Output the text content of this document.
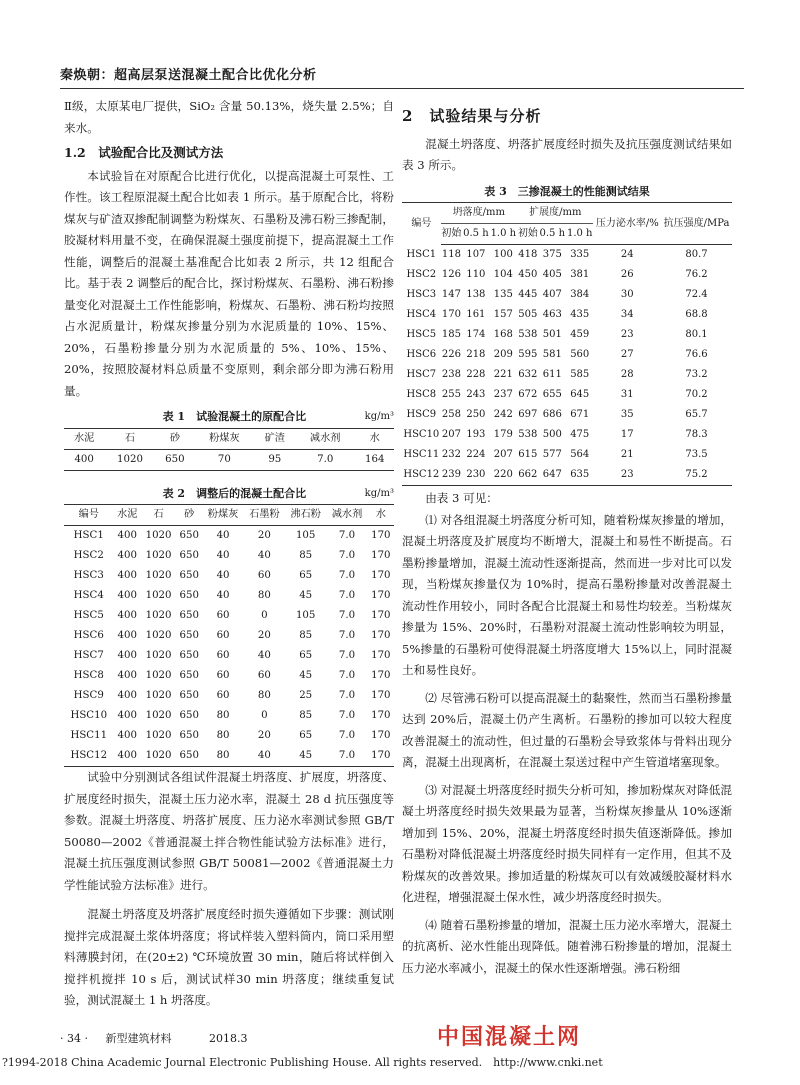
秦焕朝：超高层泵送混凝土配合比优化分析

Ⅱ级，太原某电厂提供，SiO₂ 含量 50.13%，烧失量 2.5%；自来水。

1.2　试验配合比及测试方法

本试验旨在对原配合比进行优化，以提高混凝土可泵性、工作性。该工程原混凝土配合比如表 1 所示。基于原配合比，将粉煤灰与矿渣双掺配制调整为粉煤灰、石墨粉及沸石粉三掺配制，胶凝材料用量不变，在确保混凝土强度前提下，提高混凝土工作性能，调整后的混凝土基准配合比如表 2 所示，共 12 组配合比。基于表 2 调整后的配合比，探讨粉煤灰、石墨粉、沸石粉掺量变化对混凝土工作性能影响，粉煤灰、石墨粉、沸石粉均按照占水泥质量计，粉煤灰掺量分别为水泥质量的 10%、15%、20%，石墨粉掺量分别为水泥质量的 5%、10%、15%、20%，按照胶凝材料总质量不变原则，剩余部分即为沸石粉用量。

表 1　试验混凝土的原配合比	kg/m³
水泥	石	砂	粉煤灰	矿渣	减水剂	水
400	1020	650	70	95	7.0	164
表 2　调整后的混凝土配合比	kg/m³
编号	水泥	石	砂	粉煤灰	石墨粉	沸石粉	减水剂	水
HSC1	400	1020	650	40	20	105	7.0	170
HSC2	400	1020	650	40	40	85	7.0	170
HSC3	400	1020	650	40	60	65	7.0	170
HSC4	400	1020	650	40	80	45	7.0	170
HSC5	400	1020	650	60	0	105	7.0	170
HSC6	400	1020	650	60	20	85	7.0	170
HSC7	400	1020	650	60	40	65	7.0	170
HSC8	400	1020	650	60	60	45	7.0	170
HSC9	400	1020	650	60	80	25	7.0	170
HSC10	400	1020	650	80	0	85	7.0	170
HSC11	400	1020	650	80	20	65	7.0	170
HSC12	400	1020	650	80	40	45	7.0	170

试验中分别测试各组试件混凝土坍落度、扩展度，坍落度、扩展度经时损失，混凝土压力泌水率，混凝土 28 d 抗压强度等参数。混凝土坍落度、坍落扩展度、压力泌水率测试参照 GB/T 50080—2002《普通混凝土拌合物性能试验方法标准》进行，混凝土抗压强度测试参照 GB/T 50081—2002《普通混凝土力学性能试验方法标准》进行。

混凝土坍落度及坍落扩展度经时损失遵循如下步骤：测试刚搅拌完成混凝土浆体坍落度；将试样装入塑料筒内，筒口采用塑料薄膜封闭，在(20±2) ℃环境放置 30 min，随后将试样倒入搅拌机搅拌 10 s 后，测试试样30 min 坍落度；继续重复试验，测试混凝土 1 h 坍落度。

2　试验结果与分析

混凝土坍落度、坍落扩展度经时损失及抗压强度测试结果如表 3 所示。

表 3　三掺混凝土的性能测试结果
编号	坍落度/mm			扩展度/mm			压力泌水率/%	抗压强度/MPa
	初始	0.5 h	1.0 h	初始	0.5 h	1.0 h		
HSC1	118	107	100	418	375	335	24	80.7
HSC2	126	110	104	450	405	381	26	76.2
HSC3	147	138	135	445	407	384	30	72.4
HSC4	170	161	157	505	463	435	34	68.8
HSC5	185	174	168	538	501	459	23	80.1
HSC6	226	218	209	595	581	560	27	76.6
HSC7	238	228	221	632	611	585	28	73.2
HSC8	255	243	237	672	655	645	31	70.2
HSC9	258	250	242	697	686	671	35	65.7
HSC10	207	193	179	538	500	475	17	78.3
HSC11	232	224	207	615	577	564	21	73.5
HSC12	239	230	220	662	647	635	23	75.2

由表 3 可见：

⑴ 对各组混凝土坍落度分析可知，随着粉煤灰掺量的增加，混凝土坍落度及扩展度均不断增大，混凝土和易性不断提高。石墨粉掺量增加，混凝土流动性逐渐提高，然而进一步对比可以发现，当粉煤灰掺量仅为 10%时，提高石墨粉掺量对改善混凝土流动性作用较小，同时各配合比混凝土和易性均较差。当粉煤灰掺量为 15%、20%时，石墨粉对混凝土流动性影响较为明显，5%掺量的石墨粉可使得混凝土坍落度增大 15%以上，同时混凝土和易性良好。

⑵ 尽管沸石粉可以提高混凝土的黏聚性，然而当石墨粉掺量达到 20%后，混凝土仍产生离析。石墨粉的掺加可以较大程度改善混凝土的流动性，但过量的石墨粉会导致浆体与骨料出现分离，混凝土出现离析，在混凝土泵送过程中产生管道堵塞现象。

⑶ 对混凝土坍落度经时损失分析可知，掺加粉煤灰对降低混凝土坍落度经时损失效果最为显著，当粉煤灰掺量从 10%逐渐增加到 15%、20%，混凝土坍落度经时损失值逐渐降低。掺加石墨粉对降低混凝土坍落度经时损失同样有一定作用，但其不及粉煤灰的改善效果。掺加适量的粉煤灰可以有效减缓胶凝材料水化进程，增强混凝土保水性，减少坍落度经时损失。

⑷ 随着石墨粉掺量的增加，混凝土压力泌水率增大，混凝土的抗离析、泌水性能出现降低。随着沸石粉掺量的增加，混凝土压力泌水率减小，混凝土的保水性逐渐增强。沸石粉细

· 34 · 新型建筑材料	2018.3	中国混凝土网
?1994-2018 China Academic Journal Electronic Publishing House. All rights reserved.　http://www.cnki.net
